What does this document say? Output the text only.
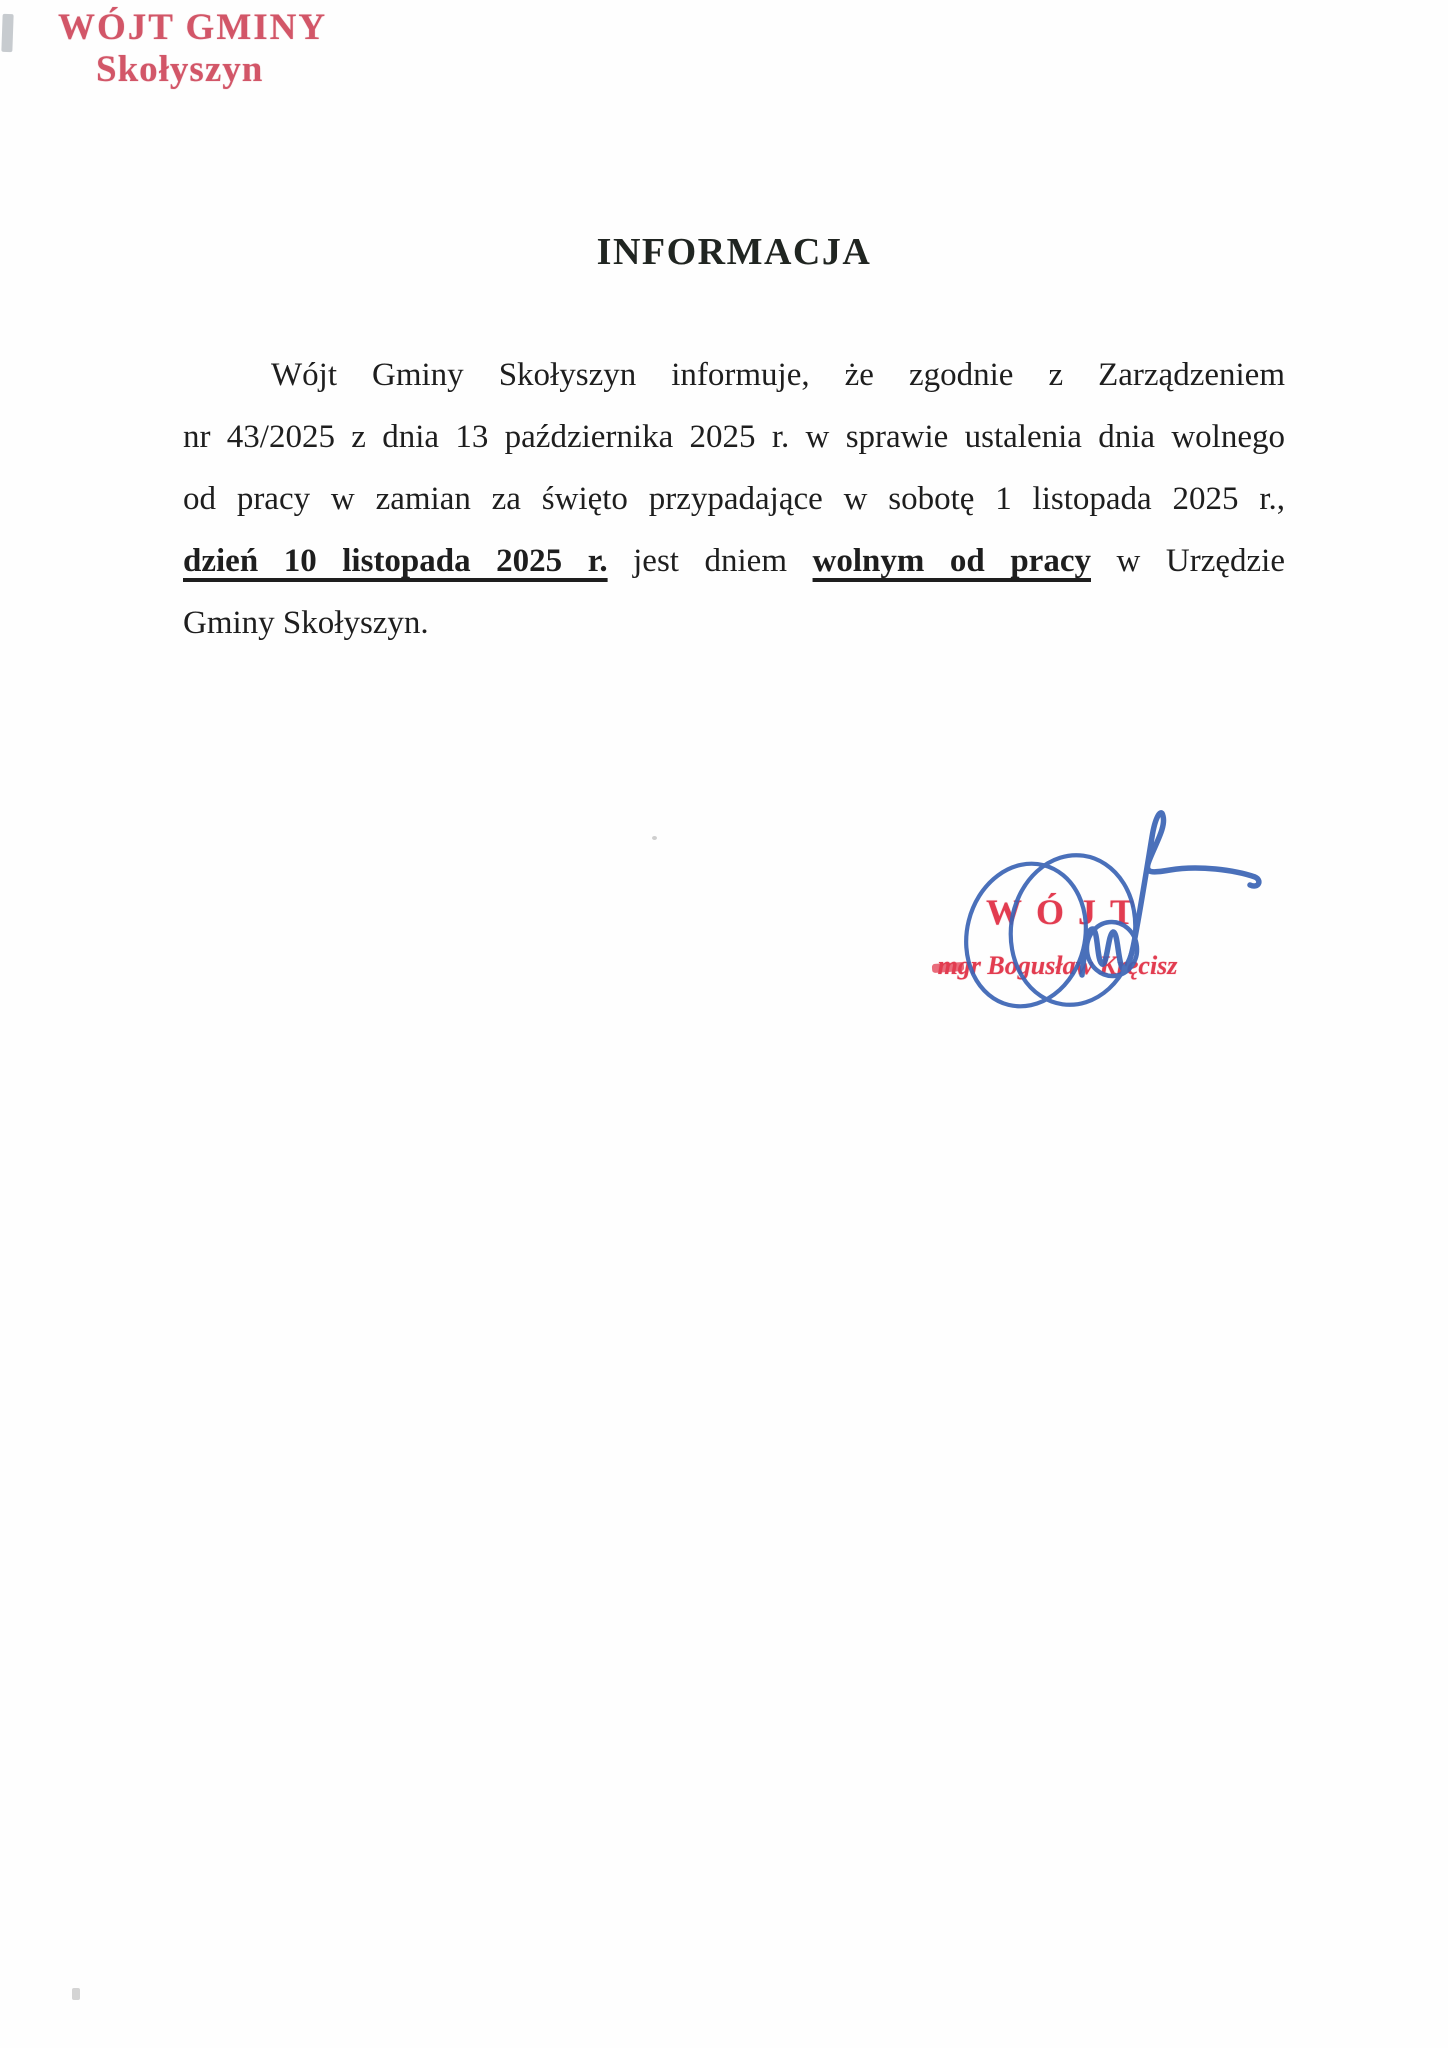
WÓJT GMINY
Skołyszyn
INFORMACJA
Wójt Gminy Skołyszyn informuje, że zgodnie z Zarządzeniem
nr 43/2025 z dnia 13 października 2025 r. w sprawie ustalenia dnia wolnego
od pracy w zamian za święto przypadające w sobotę 1 listopada 2025 r.,
dzień 10 listopada 2025 r. jest dniem wolnym od pracy w Urzędzie
Gminy Skołyszyn.
WÓJT
mgr Bogusław Kręcisz
